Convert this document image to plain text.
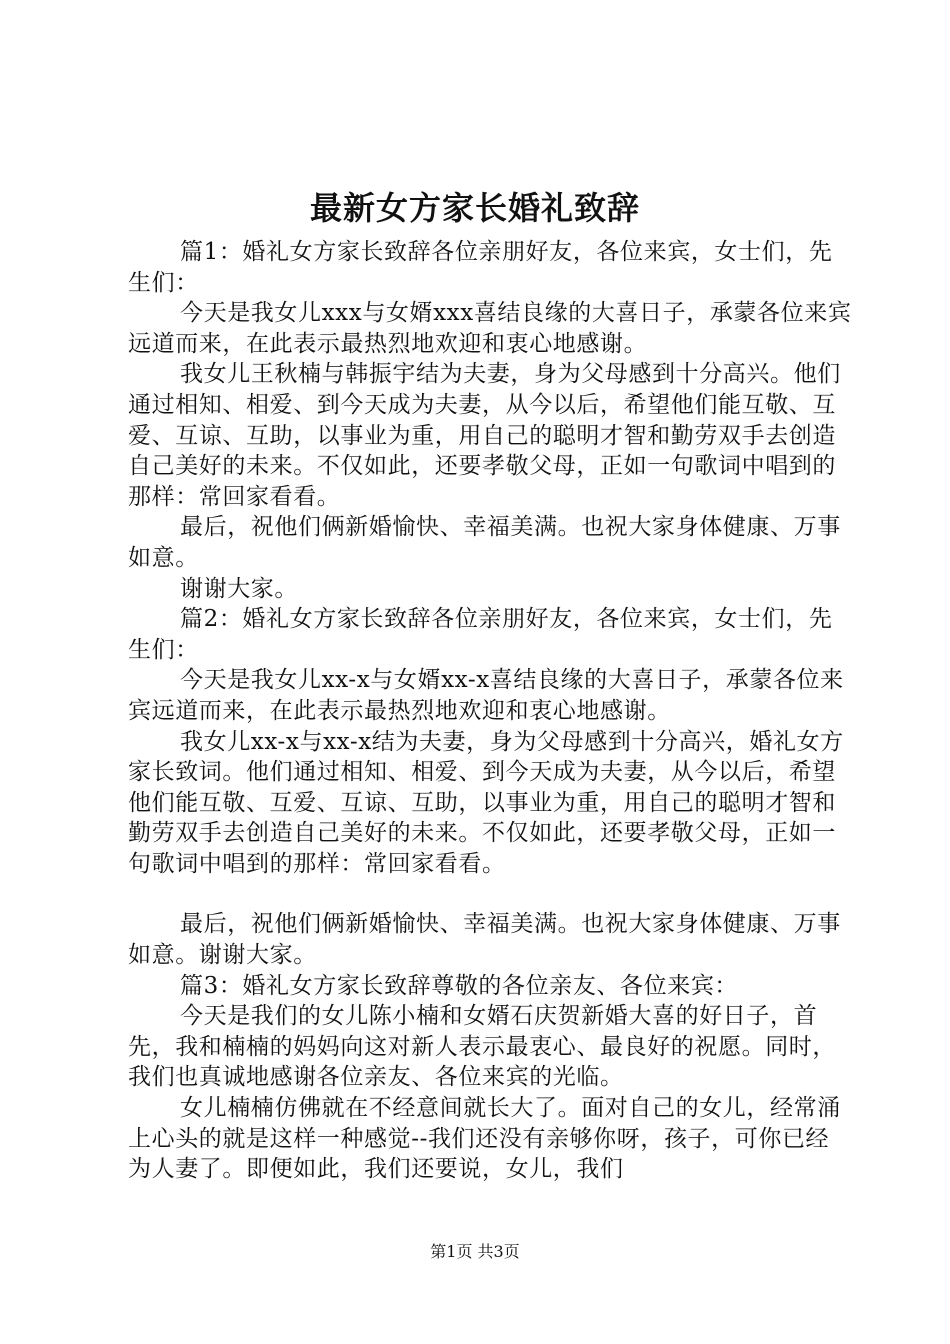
最新女方家长婚礼致辞

篇1：婚礼女方家长致辞各位亲朋好友，各位来宾，女士们，先生们：

今天是我女儿xxx与女婿xxx喜结良缘的大喜日子，承蒙各位来宾远道而来，在此表示最热烈地欢迎和衷心地感谢。

我女儿王秋楠与韩振宇结为夫妻，身为父母感到十分高兴。他们通过相知、相爱、到今天成为夫妻，从今以后，希望他们能互敬、互爱、互谅、互助，以事业为重，用自己的聪明才智和勤劳双手去创造自己美好的未来。不仅如此，还要孝敬父母，正如一句歌词中唱到的那样：常回家看看。

最后，祝他们俩新婚愉快、幸福美满。也祝大家身体健康、万事如意。

谢谢大家。

篇2：婚礼女方家长致辞各位亲朋好友，各位来宾，女士们，先生们：

今天是我女儿xx-x与女婿xx-x喜结良缘的大喜日子，承蒙各位来宾远道而来，在此表示最热烈地欢迎和衷心地感谢。

我女儿xx-x与xx-x结为夫妻，身为父母感到十分高兴，婚礼女方家长致词。他们通过相知、相爱、到今天成为夫妻，从今以后，希望他们能互敬、互爱、互谅、互助，以事业为重，用自己的聪明才智和勤劳双手去创造自己美好的未来。不仅如此，还要孝敬父母，正如一句歌词中唱到的那样：常回家看看。

最后，祝他们俩新婚愉快、幸福美满。也祝大家身体健康、万事如意。谢谢大家。

篇3：婚礼女方家长致辞尊敬的各位亲友、各位来宾：

今天是我们的女儿陈小楠和女婿石庆贺新婚大喜的好日子，首先，我和楠楠的妈妈向这对新人表示最衷心、最良好的祝愿。同时，我们也真诚地感谢各位亲友、各位来宾的光临。

女儿楠楠仿佛就在不经意间就长大了。面对自己的女儿，经常涌上心头的就是这样一种感觉--我们还没有亲够你呀，孩子，可你已经为人妻了。即便如此，我们还要说，女儿，我们

第1页 共3页
